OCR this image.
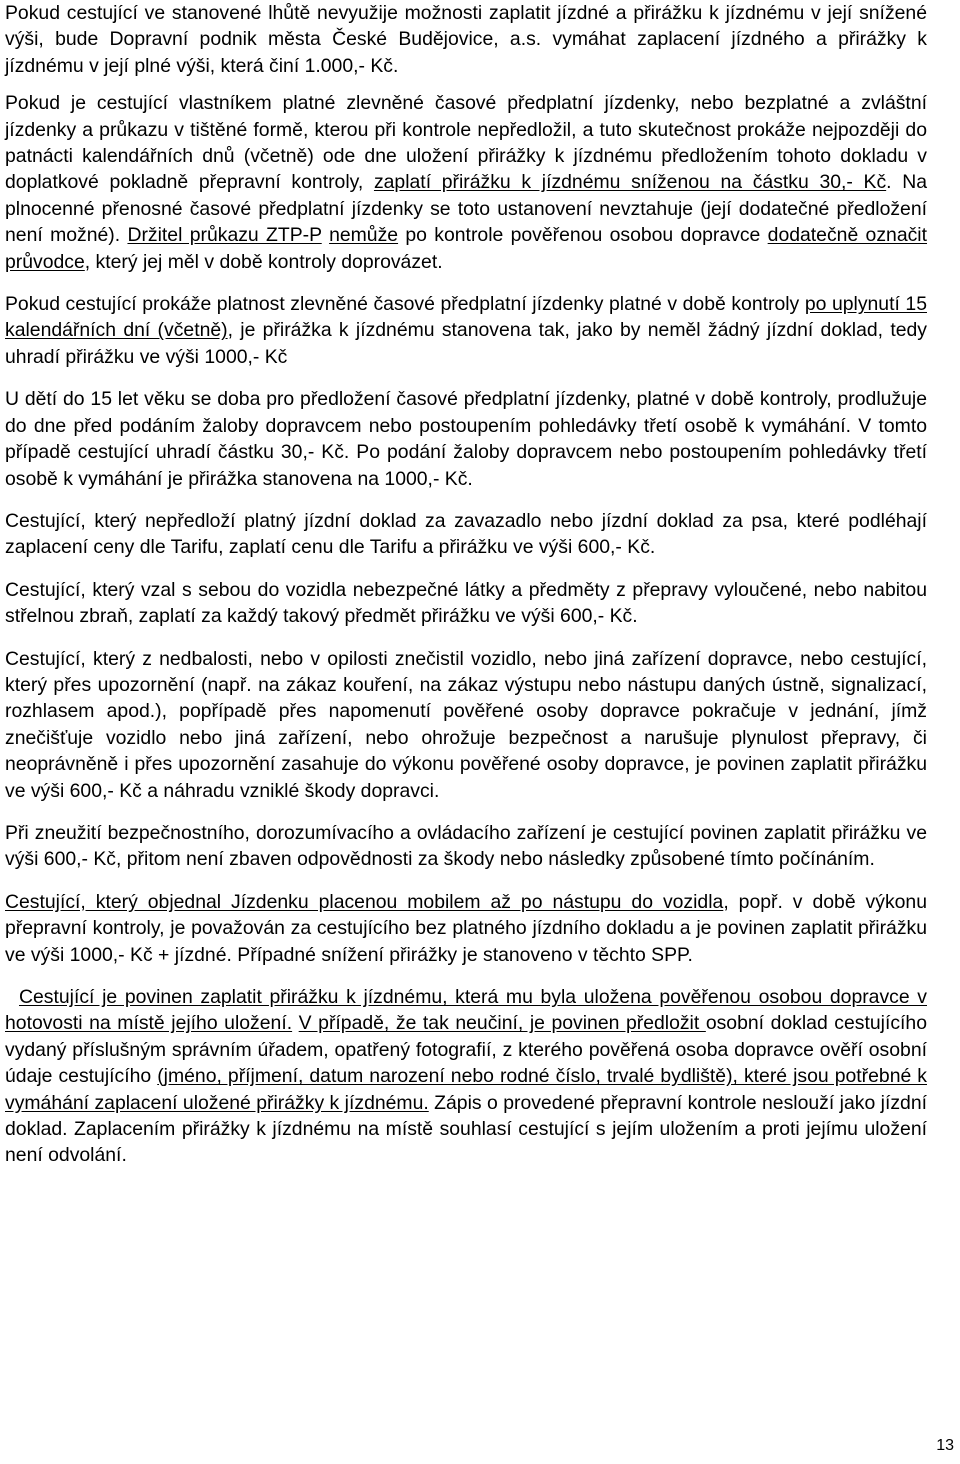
Pokud cestující ve stanovené lhůtě nevyužije možnosti zaplatit jízdné a přirážku k jízdnému v její snížené výši, bude Dopravní podnik města České Budějovice, a.s. vymáhat zaplacení jízdného a přirážky k jízdnému v její plné výši, která činí 1.000,- Kč.

Pokud je cestující vlastníkem platné zlevněné časové předplatní jízdenky, nebo bezplatné a zvláštní jízdenky a průkazu v tištěné formě, kterou při kontrole nepředložil, a tuto skutečnost prokáže nejpozději do patnácti kalendářních dnů (včetně) ode dne uložení přirážky k jízdnému předložením tohoto dokladu v doplatkové pokladně přepravní kontroly, zaplatí přirážku k jízdnému sníženou na částku 30,- Kč. Na plnocenné přenosné časové předplatní jízdenky se toto ustanovení nevztahuje (její dodatečné předložení není možné). Držitel průkazu ZTP-P nemůže po kontrole pověřenou osobou dopravce dodatečně označit průvodce, který jej měl v době kontroly doprovázet.

Pokud cestující prokáže platnost zlevněné časové předplatní jízdenky platné v době kontroly po uplynutí 15 kalendářních dní (včetně), je přirážka k jízdnému stanovena tak, jako by neměl žádný jízdní doklad, tedy uhradí přirážku ve výši 1000,- Kč

U dětí do 15 let věku se doba pro předložení časové předplatní jízdenky, platné v době kontroly, prodlužuje do dne před podáním žaloby dopravcem nebo postoupením pohledávky třetí osobě k vymáhání. V tomto případě cestující uhradí částku 30,- Kč. Po podání žaloby dopravcem nebo postoupením pohledávky třetí osobě k vymáhání je přirážka stanovena na 1000,- Kč.

Cestující, který nepředloží platný jízdní doklad za zavazadlo nebo jízdní doklad za psa, které podléhají zaplacení ceny dle Tarifu, zaplatí cenu dle Tarifu a přirážku ve výši 600,- Kč.

Cestující, který vzal s sebou do vozidla nebezpečné látky a předměty z přepravy vyloučené, nebo nabitou střelnou zbraň, zaplatí za každý takový předmět přirážku ve výši 600,- Kč.

Cestující, který z nedbalosti, nebo v opilosti znečistil vozidlo, nebo jiná zařízení dopravce, nebo cestující, který přes upozornění (např. na zákaz kouření, na zákaz výstupu nebo nástupu daných ústně, signalizací, rozhlasem apod.), popřípadě přes napomenutí pověřené osoby dopravce pokračuje v jednání, jímž znečišťuje vozidlo nebo jiná zařízení, nebo ohrožuje bezpečnost a narušuje plynulost přepravy, či neoprávněně i přes upozornění zasahuje do výkonu pověřené osoby dopravce, je povinen zaplatit přirážku ve výši 600,- Kč a náhradu vzniklé škody dopravci.

Při zneužití bezpečnostního, dorozumívacího a ovládacího zařízení je cestující povinen zaplatit přirážku ve výši 600,- Kč, přitom není zbaven odpovědnosti za škody nebo následky způsobené tímto počínáním.

Cestující, který objednal Jízdenku placenou mobilem až po nástupu do vozidla, popř. v době výkonu přepravní kontroly, je považován za cestujícího bez platného jízdního dokladu a je povinen zaplatit přirážku ve výši 1000,- Kč + jízdné. Případné snížení přirážky je stanoveno v těchto SPP.

Cestující je povinen zaplatit přirážku k jízdnému, která mu byla uložena pověřenou osobou dopravce v hotovosti na místě jejího uložení. V případě, že tak neučiní, je povinen předložit osobní doklad cestujícího vydaný příslušným správním úřadem, opatřený fotografií, z kterého pověřená osoba dopravce ověří osobní údaje cestujícího (jméno, příjmení, datum narození nebo rodné číslo, trvalé bydliště), které jsou potřebné k vymáhání zaplacení uložené přirážky k jízdnému. Zápis o provedené přepravní kontrole neslouží jako jízdní doklad. Zaplacením přirážky k jízdnému na místě souhlasí cestující s jejím uložením a proti jejímu uložení není odvolání.

13
